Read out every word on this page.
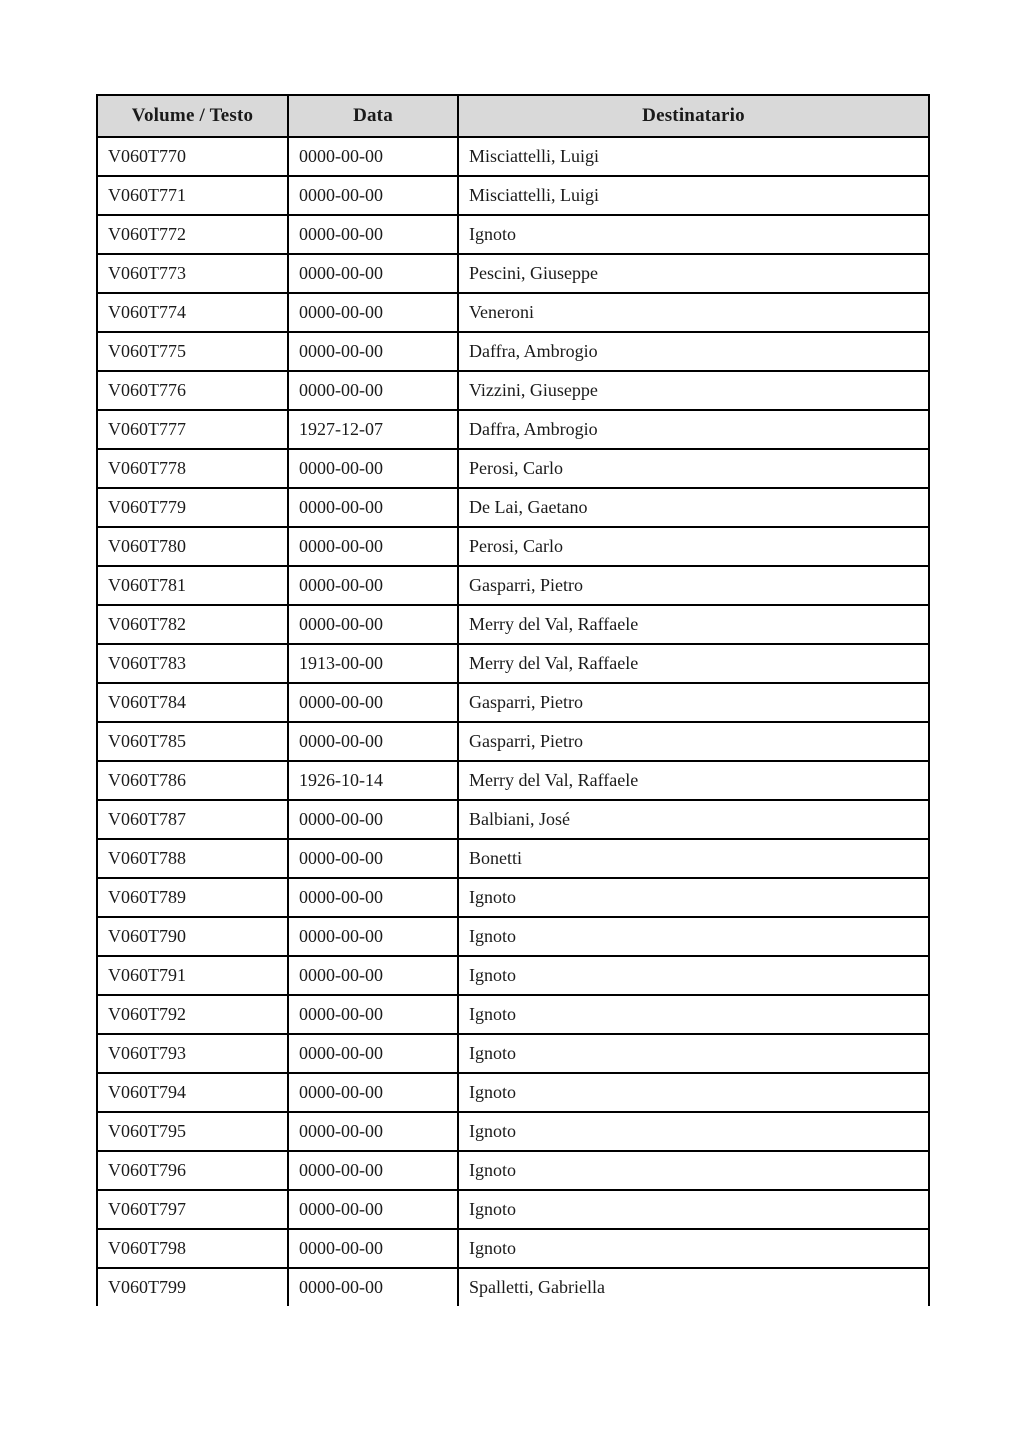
Volume / Testo	Data	Destinatario
V060T770	0000-00-00	Misciattelli, Luigi
V060T771	0000-00-00	Misciattelli, Luigi
V060T772	0000-00-00	Ignoto
V060T773	0000-00-00	Pescini, Giuseppe
V060T774	0000-00-00	Veneroni
V060T775	0000-00-00	Daffra, Ambrogio
V060T776	0000-00-00	Vizzini, Giuseppe
V060T777	1927-12-07	Daffra, Ambrogio
V060T778	0000-00-00	Perosi, Carlo
V060T779	0000-00-00	De Lai, Gaetano
V060T780	0000-00-00	Perosi, Carlo
V060T781	0000-00-00	Gasparri, Pietro
V060T782	0000-00-00	Merry del Val, Raffaele
V060T783	1913-00-00	Merry del Val, Raffaele
V060T784	0000-00-00	Gasparri, Pietro
V060T785	0000-00-00	Gasparri, Pietro
V060T786	1926-10-14	Merry del Val, Raffaele
V060T787	0000-00-00	Balbiani, José
V060T788	0000-00-00	Bonetti
V060T789	0000-00-00	Ignoto
V060T790	0000-00-00	Ignoto
V060T791	0000-00-00	Ignoto
V060T792	0000-00-00	Ignoto
V060T793	0000-00-00	Ignoto
V060T794	0000-00-00	Ignoto
V060T795	0000-00-00	Ignoto
V060T796	0000-00-00	Ignoto
V060T797	0000-00-00	Ignoto
V060T798	0000-00-00	Ignoto
V060T799	0000-00-00	Spalletti, Gabriella
